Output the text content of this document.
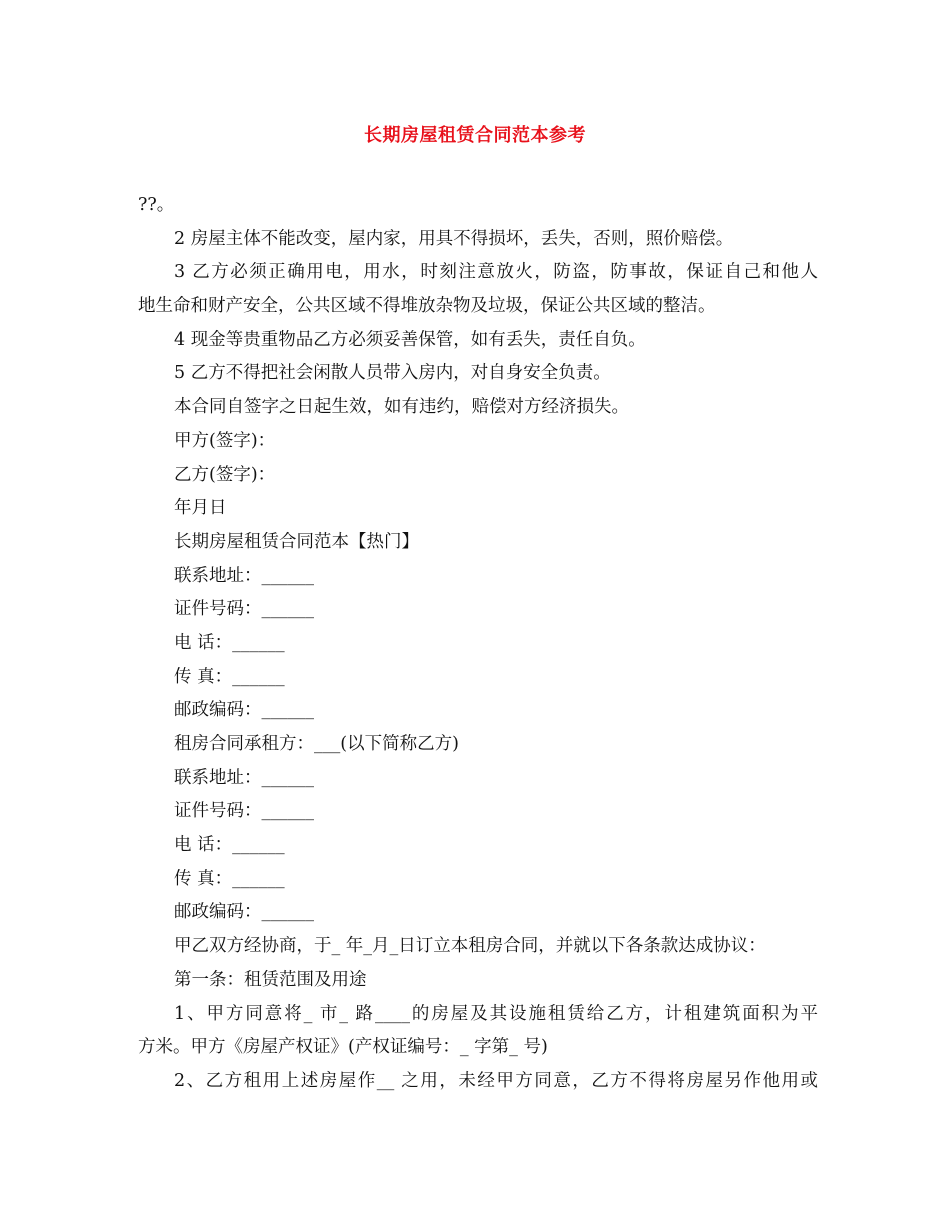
长期房屋租赁合同范本参考
??。
2 房屋主体不能改变，屋内家，用具不得损坏，丢失，否则，照价赔偿。
3 乙方必须正确用电，用水，时刻注意放火，防盗，防事故，保证自己和他人
地生命和财产安全，公共区域不得堆放杂物及垃圾，保证公共区域的整洁。
4 现金等贵重物品乙方必须妥善保管，如有丢失，责任自负。
5 乙方不得把社会闲散人员带入房内，对自身安全负责。
本合同自签字之日起生效，如有违约，赔偿对方经济损失。
甲方(签字)：
乙方(签字)：
年月日
长期房屋租赁合同范本【热门】
联系地址：______
证件号码：______
电 话：______
传 真：______
邮政编码：______
租房合同承租方：___(以下简称乙方)
联系地址：______
证件号码：______
电 话：______
传 真：______
邮政编码：______
甲乙双方经协商，于_ 年_月_日订立本租房合同，并就以下各条款达成协议：
第一条：租赁范围及用途
1、甲方同意将_ 市_ 路____的房屋及其设施租赁给乙方，计租建筑面积为平
方米。甲方《房屋产权证》(产权证编号：_ 字第_ 号)
2、乙方租用上述房屋作__ 之用，未经甲方同意，乙方不得将房屋另作他用或
